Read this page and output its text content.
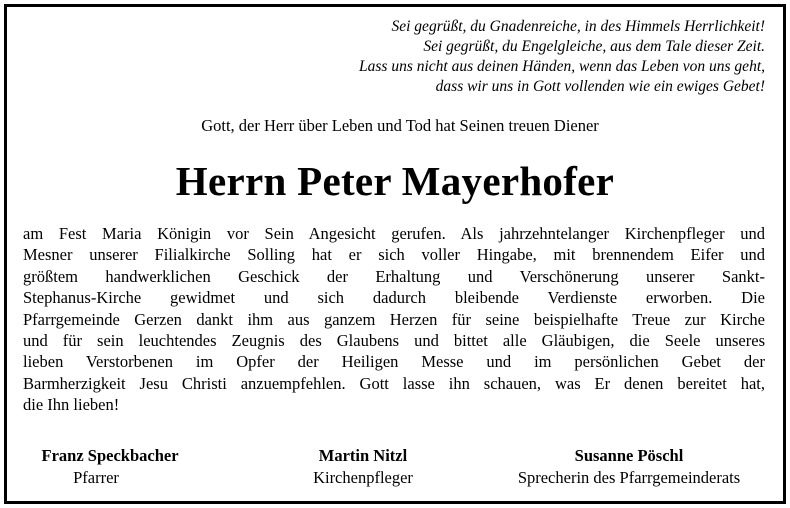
Sei gegrüßt, du Gnadenreiche, in des Himmels Herrlichkeit!
Sei gegrüßt, du Engelgleiche, aus dem Tale dieser Zeit.
Lass uns nicht aus deinen Händen, wenn das Leben von uns geht,
dass wir uns in Gott vollenden wie ein ewiges Gebet!
Gott, der Herr über Leben und Tod hat Seinen treuen Diener
Herrn Peter Mayerhofer
am Fest Maria Königin vor Sein Angesicht gerufen. Als jahrzehntelanger Kirchenpfleger und
Mesner unserer Filialkirche Solling hat er sich voller Hingabe, mit brennendem Eifer und
größtem handwerklichen Geschick der Erhaltung und Verschönerung unserer Sankt-
Stephanus-Kirche gewidmet und sich dadurch bleibende Verdienste erworben. Die
Pfarrgemeinde Gerzen dankt ihm aus ganzem Herzen für seine beispielhafte Treue zur Kirche
und für sein leuchtendes Zeugnis des Glaubens und bittet alle Gläubigen, die Seele unseres
lieben Verstorbenen im Opfer der Heiligen Messe und im persönlichen Gebet der
Barmherzigkeit Jesu Christi anzuempfehlen. Gott lasse ihn schauen, was Er denen bereitet hat,
die Ihn lieben!
Franz Speckbacher
Pfarrer
Martin Nitzl
Kirchenpfleger
Susanne Pöschl
Sprecherin des Pfarrgemeinderats
